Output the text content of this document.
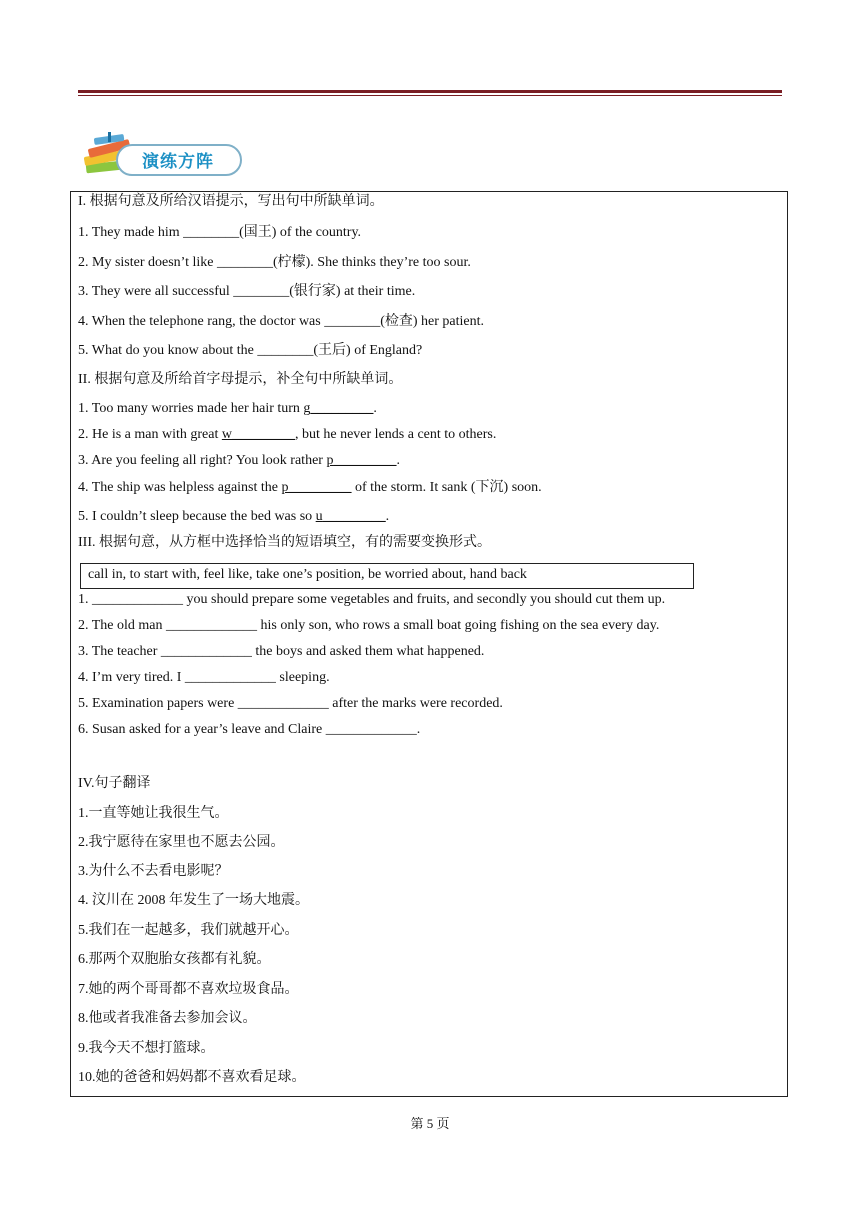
演练方阵
I. 根据句意及所给汉语提示，写出句中所缺单词。
1. They made him ________(国王) of the country.
2. My sister doesn’t like ________(柠檬). She thinks they’re too sour.
3. They were all successful ________(银行家) at their time.
4. When the telephone rang, the doctor was ________(检查) her patient.
5. What do you know about the ________(王后) of England?
II. 根据句意及所给首字母提示，补全句中所缺单词。
1. Too many worries made her hair turn g_________.
2. He is a man with great w_________, but he never lends a cent to others.
3. Are you feeling all right? You look rather p_________.
4. The ship was helpless against the p_________ of the storm. It sank (下沉) soon.
5. I couldn’t sleep because the bed was so u_________.
III. 根据句意，从方框中选择恰当的短语填空，有的需要变换形式。
call in, to start with, feel like, take one’s position, be worried about, hand back
1. _____________ you should prepare some vegetables and fruits, and secondly you should cut them up.
2. The old man _____________ his only son, who rows a small boat going fishing on the sea every day.
3. The teacher _____________ the boys and asked them what happened.
4. I’m very tired. I _____________ sleeping.
5. Examination papers were _____________ after the marks were recorded.
6. Susan asked for a year’s leave and Claire _____________.
IV.句子翻译
1.一直等她让我很生气。
2.我宁愿待在家里也不愿去公园。
3.为什么不去看电影呢？
4. 汶川在 2008 年发生了一场大地震。
5.我们在一起越多，我们就越开心。
6.那两个双胞胎女孩都有礼貌。
7.她的两个哥哥都不喜欢垃圾食品。
8.他或者我准备去参加会议。
9.我今天不想打篮球。
10.她的爸爸和妈妈都不喜欢看足球。
第 5 页
